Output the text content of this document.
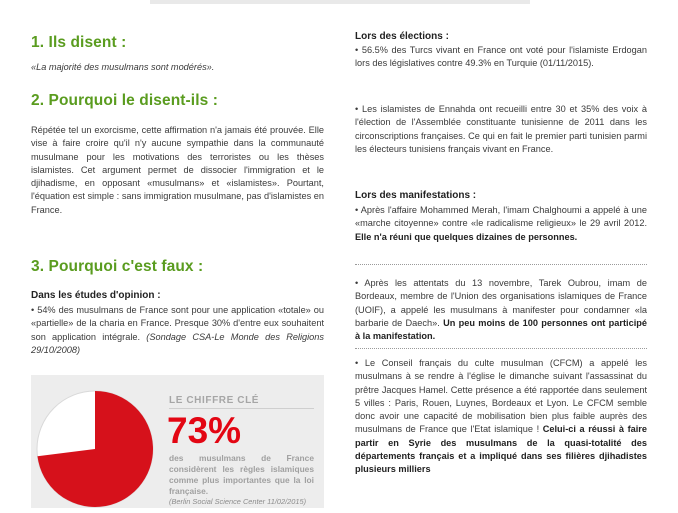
1. Ils disent :
«La majorité des musulmans sont modérés».
2. Pourquoi le disent-ils :
Répétée tel un exorcisme, cette affirmation n'a jamais été prouvée. Elle vise à faire croire qu'il n'y aucune sympathie dans la communauté musulmane pour les motivations des terroristes ou les thèses islamistes. Cet argument permet de dissocier l'immigration et le djihadisme, en opposant «musulmans» et «islamistes». Pourtant, l'équation est simple : sans immigration musulmane, pas d'islamistes en France.
3. Pourquoi c'est faux :
Dans les études d'opinion :
• 54% des musulmans de France sont pour une application «totale» ou «partielle» de la charia en France. Presque 30% d'entre eux souhaitent son application intégrale. (Sondage CSA-Le Monde des Religions 29/10/2008)
LE CHIFFRE CLÉ
73%
des musulmans de France considèrent les règles islamiques comme plus importantes que la loi française.
(Berlin Social Science Center 11/02/2015)
Lors des élections :
• 56.5% des Turcs vivant en France ont voté pour l'islamiste Erdogan lors des législatives contre 49.3% en Turquie (01/11/2015).
• Les islamistes de Ennahda ont recueilli entre 30 et 35% des voix à l'élection de l'Assemblée constituante tunisienne de 2011 dans les circonscriptions françaises. Ce qui en fait le premier parti tunisien parmi les électeurs tunisiens français vivant en France.
Lors des manifestations :
• Après l'affaire Mohammed Merah, l'imam Chalghoumi a appelé à une «marche citoyenne» contre «le radicalisme religieux» le 29 avril 2012. Elle n'a réuni que quelques dizaines de personnes.
• Après les attentats du 13 novembre, Tarek Oubrou, imam de Bordeaux, membre de l'Union des organisations islamiques de France (UOIF), a appelé les musulmans à manifester pour condamner «la barbarie de Daech». Un peu moins de 100 personnes ont participé à la manifestation.
• Le Conseil français du culte musulman (CFCM) a appelé les musulmans à se rendre à l'église le dimanche suivant l'assassinat du prêtre Jacques Hamel. Cette présence a été rapportée dans seulement 5 villes : Paris, Rouen, Luynes, Bordeaux et Lyon. Le CFCM semble donc avoir une capacité de mobilisation bien plus faible auprès des musulmans de France que l'Etat islamique ! Celui-ci a réussi à faire partir en Syrie des musulmans de la quasi-totalité des départements français et a impliqué dans ses filières djihadistes plusieurs milliers
